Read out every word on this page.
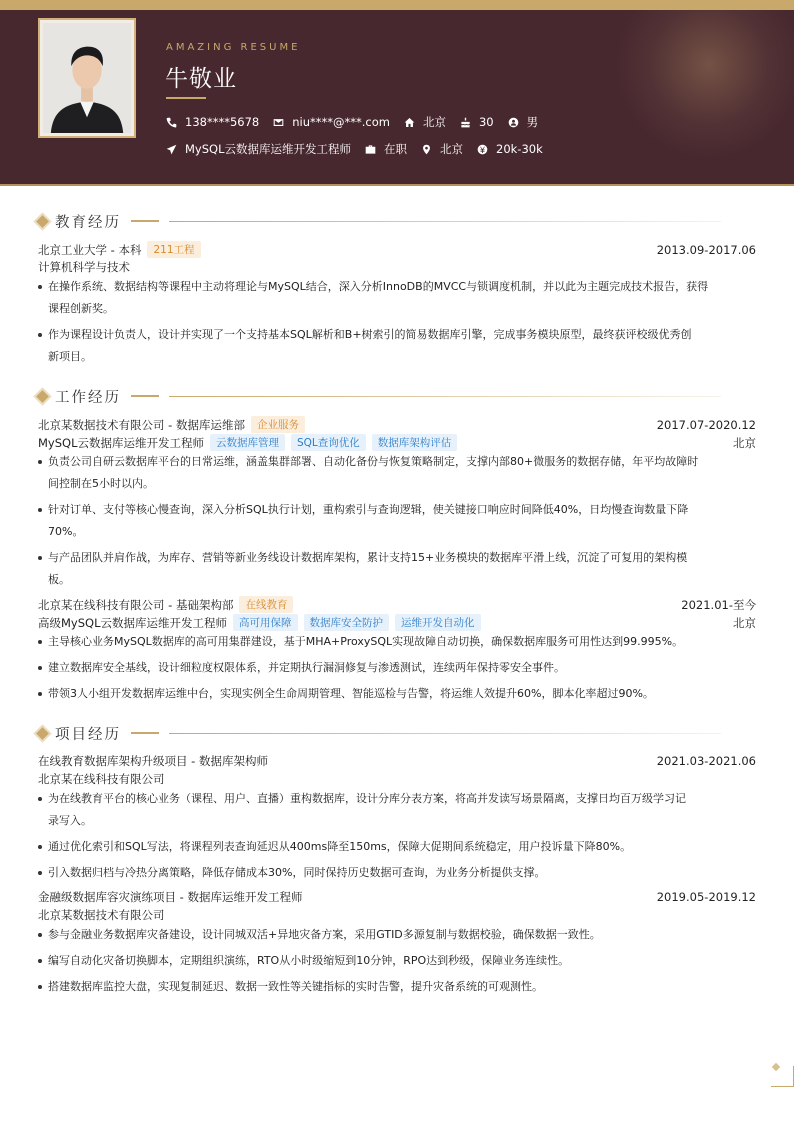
AMAZING RESUME
牛敬业
138****5678	niu****@***.com	北京	30	男
MySQL云数据库运维开发工程师	在职	北京	20k-30k
教育经历
北京工业大学 - 本科	211工程	2013.09-2017.06
计算机科学与技术
在操作系统、数据结构等课程中主动将理论与MySQL结合，深入分析InnoDB的MVCC与锁调度机制，并以此为主题完成技术报告，获得
课程创新奖。
作为课程设计负责人，设计并实现了一个支持基本SQL解析和B+树索引的简易数据库引擎，完成事务模块原型，最终获评校级优秀创
新项目。
工作经历
北京某数据技术有限公司 - 数据库运维部	企业服务	2017.07-2020.12
MySQL云数据库运维开发工程师	云数据库管理	SQL查询优化	数据库架构评估	北京
负责公司自研云数据库平台的日常运维，涵盖集群部署、自动化备份与恢复策略制定，支撑内部80+微服务的数据存储，年平均故障时
间控制在5小时以内。
针对订单、支付等核心慢查询，深入分析SQL执行计划，重构索引与查询逻辑，使关键接口响应时间降低40%，日均慢查询数量下降
70%。
与产品团队并肩作战，为库存、营销等新业务线设计数据库架构，累计支持15+业务模块的数据库平滑上线，沉淀了可复用的架构模
板。
北京某在线科技有限公司 - 基础架构部	在线教育	2021.01-至今
高级MySQL云数据库运维开发工程师	高可用保障	数据库安全防护	运维开发自动化	北京
主导核心业务MySQL数据库的高可用集群建设，基于MHA+ProxySQL实现故障自动切换，确保数据库服务可用性达到99.995%。
建立数据库安全基线，设计细粒度权限体系，并定期执行漏洞修复与渗透测试，连续两年保持零安全事件。
带领3人小组开发数据库运维中台，实现实例全生命周期管理、智能巡检与告警，将运维人效提升60%，脚本化率超过90%。
项目经历
在线教育数据库架构升级项目 - 数据库架构师	2021.03-2021.06
北京某在线科技有限公司
为在线教育平台的核心业务（课程、用户、直播）重构数据库，设计分库分表方案，将高并发读写场景隔离，支撑日均百万级学习记
录写入。
通过优化索引和SQL写法，将课程列表查询延迟从400ms降至150ms，保障大促期间系统稳定，用户投诉量下降80%。
引入数据归档与冷热分离策略，降低存储成本30%，同时保持历史数据可查询，为业务分析提供支撑。
金融级数据库容灾演练项目 - 数据库运维开发工程师	2019.05-2019.12
北京某数据技术有限公司
参与金融业务数据库灾备建设，设计同城双活+异地灾备方案，采用GTID多源复制与数据校验，确保数据一致性。
编写自动化灾备切换脚本，定期组织演练，RTO从小时级缩短到10分钟，RPO达到秒级，保障业务连续性。
搭建数据库监控大盘，实现复制延迟、数据一致性等关键指标的实时告警，提升灾备系统的可观测性。
